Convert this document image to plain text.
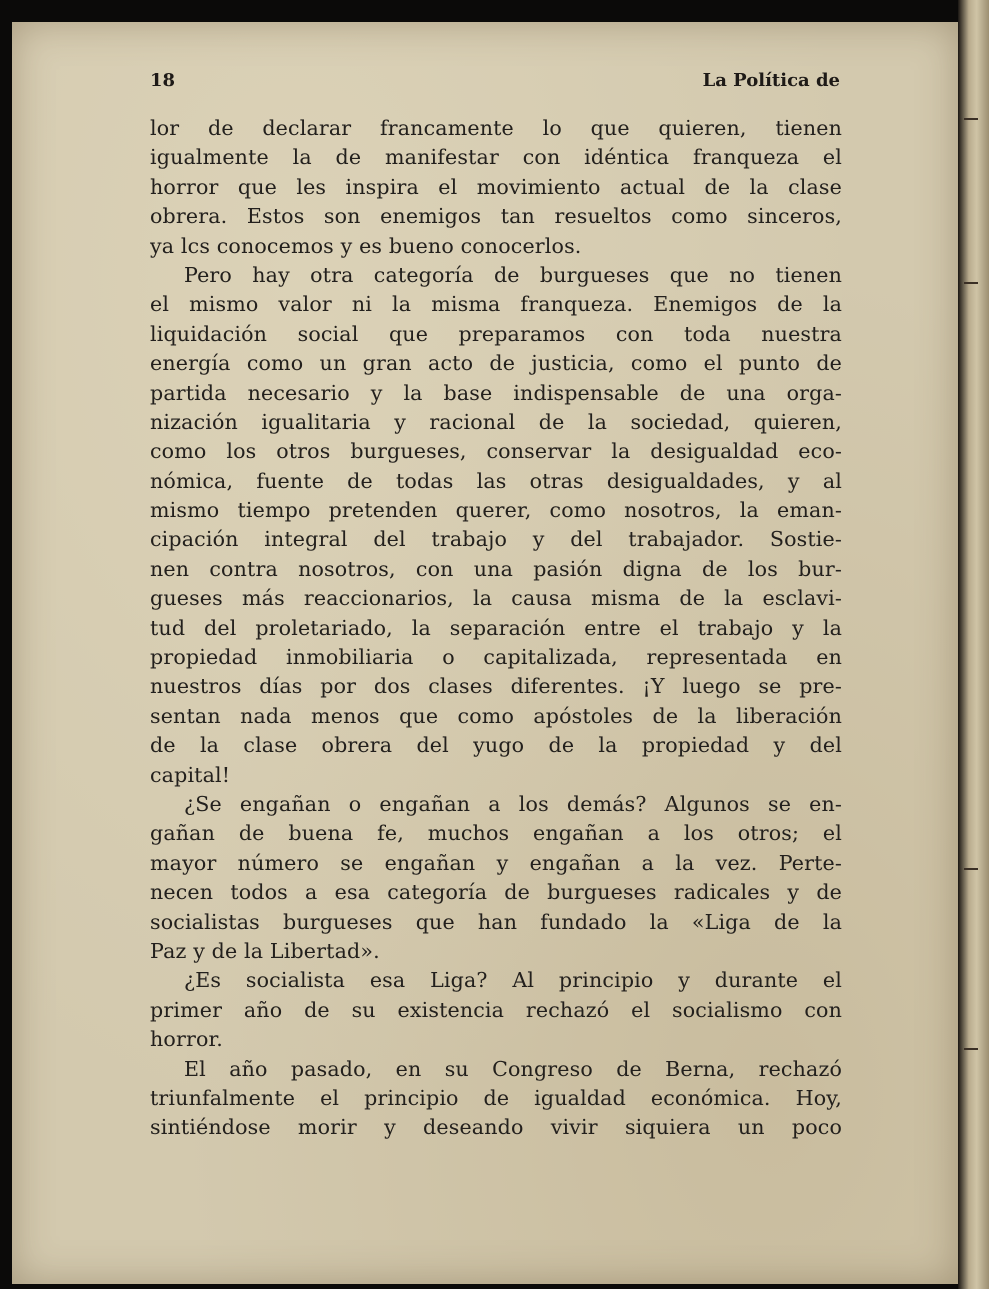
18	La Política de
lor de declarar francamente lo que quieren, tienen
igualmente la de manifestar con idéntica franqueza el
horror que les inspira el movimiento actual de la clase
obrera. Estos son enemigos tan resueltos como sinceros,
ya lcs conocemos y es bueno conocerlos.
Pero hay otra categoría de burgueses que no tienen
el mismo valor ni la misma franqueza. Enemigos de la
liquidación social que preparamos con toda nuestra
energía como un gran acto de justicia, como el punto de
partida necesario y la base indispensable de una orga-
nización igualitaria y racional de la sociedad, quieren,
como los otros burgueses, conservar la desigualdad eco-
nómica, fuente de todas las otras desigualdades, y al
mismo tiempo pretenden querer, como nosotros, la eman-
cipación integral del trabajo y del trabajador. Sostie-
nen contra nosotros, con una pasión digna de los bur-
gueses más reaccionarios, la causa misma de la esclavi-
tud del proletariado, la separación entre el trabajo y la
propiedad inmobiliaria o capitalizada, representada en
nuestros días por dos clases diferentes. ¡Y luego se pre-
sentan nada menos que como apóstoles de la liberación
de la clase obrera del yugo de la propiedad y del
capital!
¿Se engañan o engañan a los demás? Algunos se en-
gañan de buena fe, muchos engañan a los otros; el
mayor número se engañan y engañan a la vez. Perte-
necen todos a esa categoría de burgueses radicales y de
socialistas burgueses que han fundado la «Liga de la
Paz y de la Libertad».
¿Es socialista esa Liga? Al principio y durante el
primer año de su existencia rechazó el socialismo con
horror.
El año pasado, en su Congreso de Berna, rechazó
triunfalmente el principio de igualdad económica. Hoy,
sintiéndose morir y deseando vivir siquiera un poco
